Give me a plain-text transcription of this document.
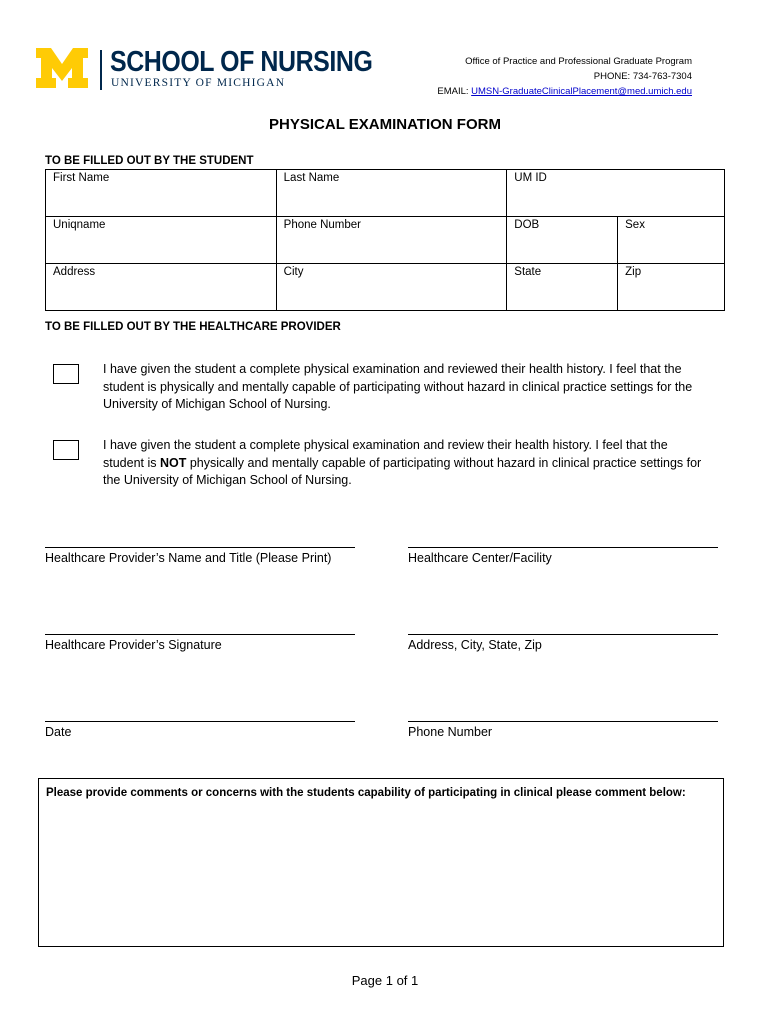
SCHOOL OF NURSING
UNIVERSITY OF MICHIGAN
Office of Practice and Professional Graduate Program
PHONE: 734-763-7304
EMAIL: UMSN-GraduateClinicalPlacement@med.umich.edu
PHYSICAL EXAMINATION FORM
TO BE FILLED OUT BY THE STUDENT
First Name	Last Name	UM ID	
Uniqname	Phone Number	DOB	Sex
Address	City	State	Zip
TO BE FILLED OUT BY THE HEALTHCARE PROVIDER
I have given the student a complete physical examination and reviewed their health history. I feel that the student is physically and mentally capable of participating without hazard in clinical practice settings for the University of Michigan School of Nursing.
I have given the student a complete physical examination and review their health history. I feel that the student is NOT physically and mentally capable of participating without hazard in clinical practice settings for the University of Michigan School of Nursing.
Healthcare Provider’s Name and Title (Please Print)	Healthcare Center/Facility
Healthcare Provider’s Signature	Address, City, State, Zip
Date	Phone Number
Please provide comments or concerns with the students capability of participating in clinical please comment below:
Page 1 of 1
